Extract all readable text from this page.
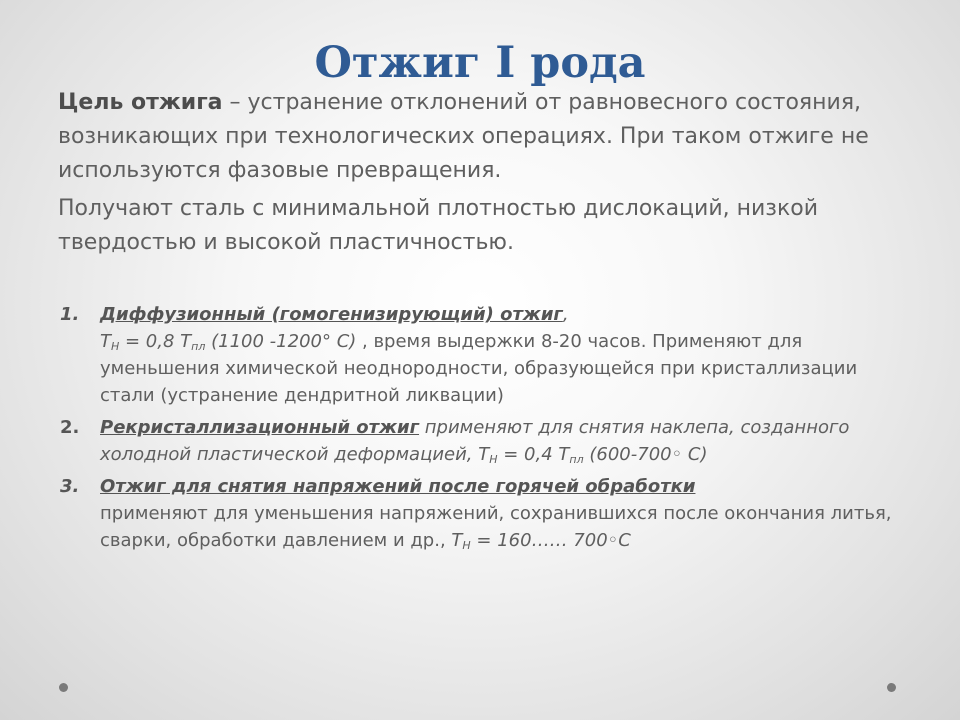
Отжиг I рода

Цель отжига – устранение отклонений от равновесного состояния, возникающих при технологических операциях. При таком отжиге не используются фазовые превращения.

Получают сталь с минимальной плотностью дислокаций, низкой твердостью и высокой пластичностью.

1. Диффузионный (гомогенизирующий) отжиг,
$Т_Н = 0,8$ $Т_{пл}$ (1100 -1200° С) , время выдержки 8-20 часов. Применяют для уменьшения химической неоднородности, образующейся при кристаллизации стали (устранение дендритной ликвации)
2. Рекристаллизационный отжиг применяют для снятия наклепа, созданного холодной пластической деформацией, $Т_Н = 0,4$ $Т_{пл}$ (600-700◦ С)
3. Отжиг для снятия напряжений после горячей обработки
применяют для уменьшения напряжений, сохранившихся после окончания литья, сварки, обработки давлением и др., $Т_Н$ = 160…… 700◦С
